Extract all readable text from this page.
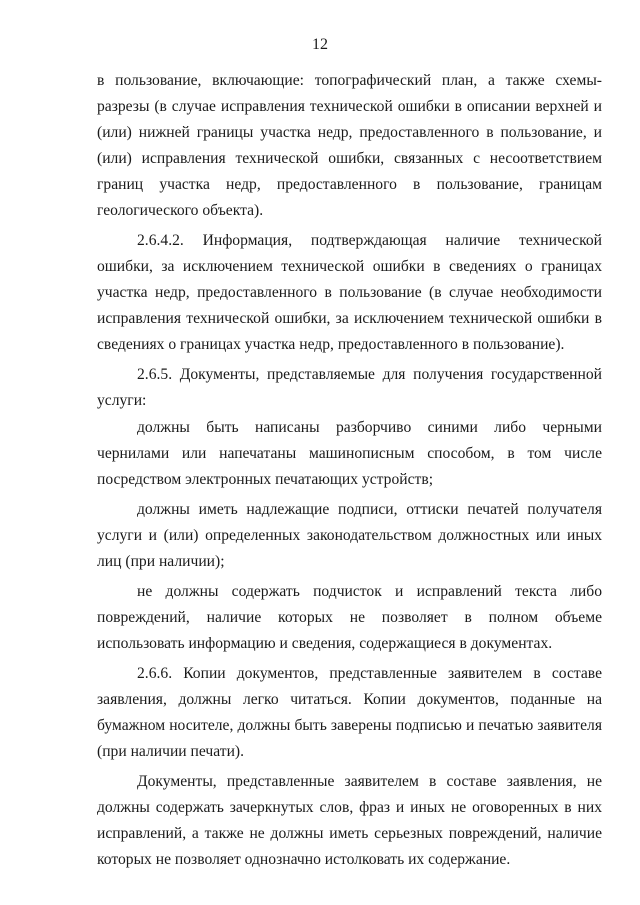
12

в пользование, включающие: топографический план, а также схемы-разрезы (в случае исправления технической ошибки в описании верхней и (или) нижней границы участка недр, предоставленного в пользование, и (или) исправления технической ошибки, связанных с несоответствием границ участка недр, предоставленного в пользование, границам геологического объекта).

2.6.4.2. Информация, подтверждающая наличие технической ошибки, за исключением технической ошибки в сведениях о границах участка недр, предоставленного в пользование (в случае необходимости исправления технической ошибки, за исключением технической ошибки в сведениях о границах участка недр, предоставленного в пользование).

2.6.5. Документы, представляемые для получения государственной услуги:

должны быть написаны разборчиво синими либо черными чернилами или напечатаны машинописным способом, в том числе посредством электронных печатающих устройств;

должны иметь надлежащие подписи, оттиски печатей получателя услуги и (или) определенных законодательством должностных или иных лиц (при наличии);

не должны содержать подчисток и исправлений текста либо повреждений, наличие которых не позволяет в полном объеме использовать информацию и сведения, содержащиеся в документах.

2.6.6. Копии документов, представленные заявителем в составе заявления, должны легко читаться. Копии документов, поданные на бумажном носителе, должны быть заверены подписью и печатью заявителя (при наличии печати).

Документы, представленные заявителем в составе заявления, не должны содержать зачеркнутых слов, фраз и иных не оговоренных в них исправлений, а также не должны иметь серьезных повреждений, наличие которых не позволяет однозначно истолковать их содержание.
